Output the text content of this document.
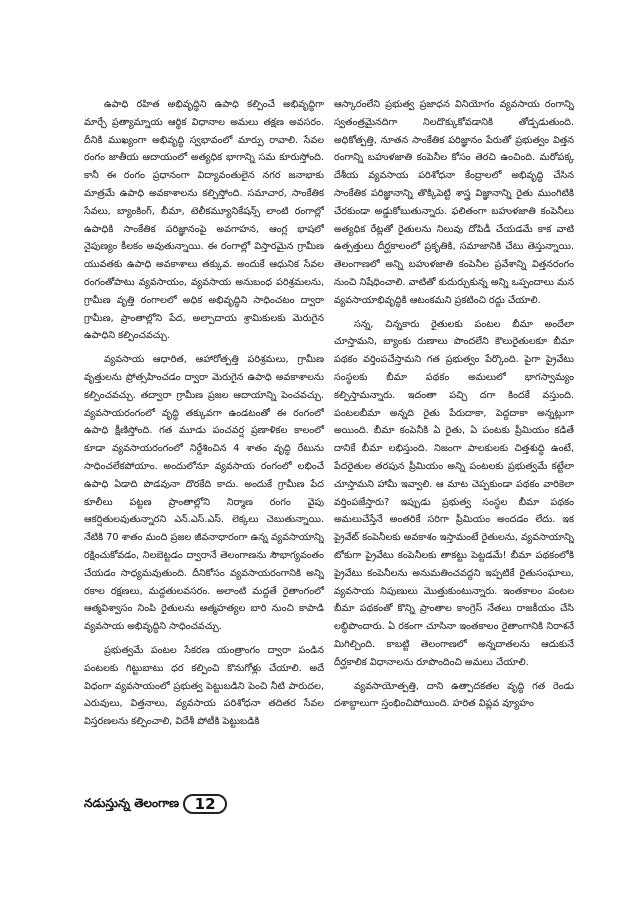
ఉపాధి రహిత అభివృద్ధిని ఉపాధి కల్పించే అభివృద్ధిగా మార్చే ప్రత్యామ్నాయ ఆర్థిక విధానాల అమలు తక్షణ అవసరం. దీనికి ముఖ్యంగా అభివృద్ధి స్వభావంలో మార్పు రావాలి. సేవల రంగం జాతీయ ఆదాయంలో అత్యధిక భాగాన్ని సమ కూరుస్తోంది. కానీ ఈ రంగం ప్రధానంగా విద్యావంతులైన నగర జనాభాకు మాత్రమే ఉపాధి అవకాశాలను కల్పిస్తోంది. సమాచార, సాంకేతిక సేవలు, బ్యాంకింగ్, బీమా, టెలీకమ్యూనికేషన్స్ లాంటి రంగాల్లో ఉపాధికి సాంకేతిక పరిజ్ఞానంపై అవగాహన, ఆంగ్ల భాషలో నైపుణ్యం కీలకం అవుతున్నాయి. ఈ రంగాల్లో విస్తారమైన గ్రామీణ యువతకు ఉపాధి అవకాశాలు తక్కువ. అందుకే ఆధునిక సేవల రంగంతోపాటు వ్యవసాయం, వ్యవసాయ అనుబంధ పరిశ్రమలను, గ్రామీణ వృత్తి రంగాలలో అధిక అభివృద్ధిని సాధించటం ద్వారా గ్రామీణ, ప్రాంతాల్లోని పేద, అల్పాదాయ శ్రామికులకు మెరుగైన ఉపాధిని కల్పించవచ్చు.

వ్యవసాయ ఆధారిత, ఆహారోత్పత్తి పరిశ్రమలు, గ్రామీణ వృత్తులను ప్రోత్సహించడం ద్వారా మెరుగైన ఉపాధి అవకాశాలను కల్పించవచ్చు. తద్వారా గ్రామీణ ప్రజల ఆదాయాన్ని పెంచవచ్చు. వ్యవసాయరంగంలో వృద్ధి తక్కువగా ఉండటంతో ఈ రంగంలో ఉపాధి క్షీణిస్తోంది. గత మూడు పంచవర్ష ప్రణాళికల కాలంలో కూడా వ్యవసాయరంగంలో నిర్దేశించిన 4 శాతం వృద్ధి రేటును సాధించలేకపోయాం. అందులోనూ వ్యవసాయ రంగంలో లభించే ఉపాధి ఏడాది పొడవునా దొరకేది కాదు. అందుకే గ్రామీణ పేద కూలీలు పట్టణ ప్రాంతాల్లోని నిర్మాణ రంగం వైపు ఆకర్షితులవుతున్నారని ఎన్.ఎస్.ఎస్. లెక్కలు చెబుతున్నాయి. నేటికి 70 శాతం మంది ప్రజల జీవనాధారంగా ఉన్న వ్యవసాయాన్ని రక్షించుకోవడం, నిలబెట్టడం ద్వారానే తెలంగాణను సౌభాగ్యవంతం చేయడం సాధ్యమవుతుంది. దీనికోసం వ్యవసాయరంగానికి అన్ని రకాల రక్షణలు, మద్దతులవసరం. అలాంటి మద్దతే రైతాంగంలో ఆత్మవిశ్వాసం నింపి రైతులను ఆత్మహత్యల బారి నుంచి కాపాడి వ్యవసాయ అభివృద్ధిని సాధించవచ్చు.

ప్రభుత్వమే పంటల సేకరణ యంత్రాంగం ద్వారా పండిన పంటలకు గిట్టుబాటు ధర కల్పించి కొనుగోళ్లు చేయాలి. అదే విధంగా వ్యవసాయంలో ప్రభుత్వ పెట్టుబడిని పెంచి నీటి పారుదల, ఎరువులు, విత్తనాలు, వ్యవసాయ పరిశోధనా తదితర సేవల విస్తరణలను కల్పించాలి, విదేశీ పోటీకి పెట్టుబడికి

ఆస్కారంలేని ప్రభుత్వ ప్రజాధన వినియోగం వ్యవసాయ రంగాన్ని స్వతంత్రమైనదిగా నిలదొక్కుకోవడానికి తోడ్పడుతుంది. అధికోత్పత్తి, నూతన సాంకేతిక పరిజ్ఞానం పేరుతో ప్రభుత్వం విత్తన రంగాన్ని బహుళజాతి కంపెనీల కోసం తెరచి ఉంచింది. మరోపక్క దేశీయ వ్యవసాయ పరిశోధనా కేంద్రాలలో అభివృద్ధి చేసిన సాంకేతిక పరిజ్ఞానాన్ని తొక్కిపెట్టి శాస్త్ర విజ్ఞానాన్ని రైతు ముంగిటికి చేరకుండా అడ్డుకోబుతున్నారు. ఫలితంగా బహుళజాతి కంపెనీలు అత్యధిక రేట్లతో రైతులను నిలువు దోపిడీ చేయడమే కాక వాటి ఉత్పత్తులు దీర్ఘకాలంలో ప్రకృతికి, సమాజానికి చేటు తెస్తున్నాయి. తెలంగాణలో అన్ని బహుళజాతి కంపెనీల ప్రవేశాన్ని విత్తనరంగం నుంచి నిషేధించాలి. వాటితో కుదుర్చుకున్న అన్ని ఒప్పందాలు మన వ్యవసాయాభివృద్ధికి ఆటంకమని ప్రకటించి రద్దు చేయాలి.

సన్న, చిన్నకారు రైతులకు పంటల బీమా అందేలా చూస్తామని, బ్యాంకు రుణాలు పొందలేని కౌలురైతులకూ బీమా పథకం వర్తింపచేస్తామని గత ప్రభుత్వం పేర్కొంది. పైగా ప్రైవేటు సంస్థలకు బీమా పథకం అమలులో భాగస్వామ్యం కల్పిస్తామన్నారు. ఇదంతా పచ్చి దగా కిందకే వస్తుంది. పంటలబీమా అన్నది రైతు పేరుదాకా, పెద్దదాకా అన్నట్లుగా అయింది. బీమా కంపెనీకి ఏ రైతు, ఏ పంటకు ప్రీమియం కడితే దానికే బీమా లభిస్తుంది. నిజంగా పాలకులకు చిత్తశుద్ధి ఉంటే, పేదరైతుల తరపున ప్రీమియం అన్ని పంటలకు ప్రభుత్వమే కట్టేలా చూస్తామని హామీ ఇవ్వాలి. ఆ మాట చెప్పకుండా పథకం వారికెలా వర్తింపజేస్తారు? ఇప్పుడు ప్రభుత్వ సంస్థల బీమా పథకం అమలుచేస్తేనే అంతరికే సరిగా ప్రీమియం అందడం లేదు. ఇక ప్రైవేట్ కంపెనీలకు అవకాశం ఇస్తామంటే రైతులను, వ్యవసాయాన్ని టోకుగా ప్రైవేటు కంపెనీలకు తాకట్టు పెట్టడమే! బీమా పథకంలోకి ప్రైవేటు కంపెనీలను అనుమతించవద్దని ఇప్పటికే రైతుసంఘాలు, వ్యవసాయ నిపుణులు మొత్తుకుంటున్నారు. ఇంతకాలం పంటల బీమా పథకంతో కొన్ని ప్రాంతాల కాంగ్రెస్ నేతలు రాజకీయం చేసి లబ్ధిపొందారు. ఏ రకంగా చూసినా ఇంతకాలం రైతాంగానికి నిరాశనే మిగిల్చింది. కాబట్టి తెలంగాణలో అన్నదాతలను ఆదుకునే దీర్ఘకాలిక విధానాలను రూపొందించి అమలు చేయాలి.

వ్యవసాయోత్పత్తి, దాని ఉత్పాదకతల వృద్ధి గత రెండు దశాబ్దాలుగా స్తంభించిపోయింది. హరిత విప్లవ వ్యూహం

నడుస్తున్న తెలంగాణ	12
